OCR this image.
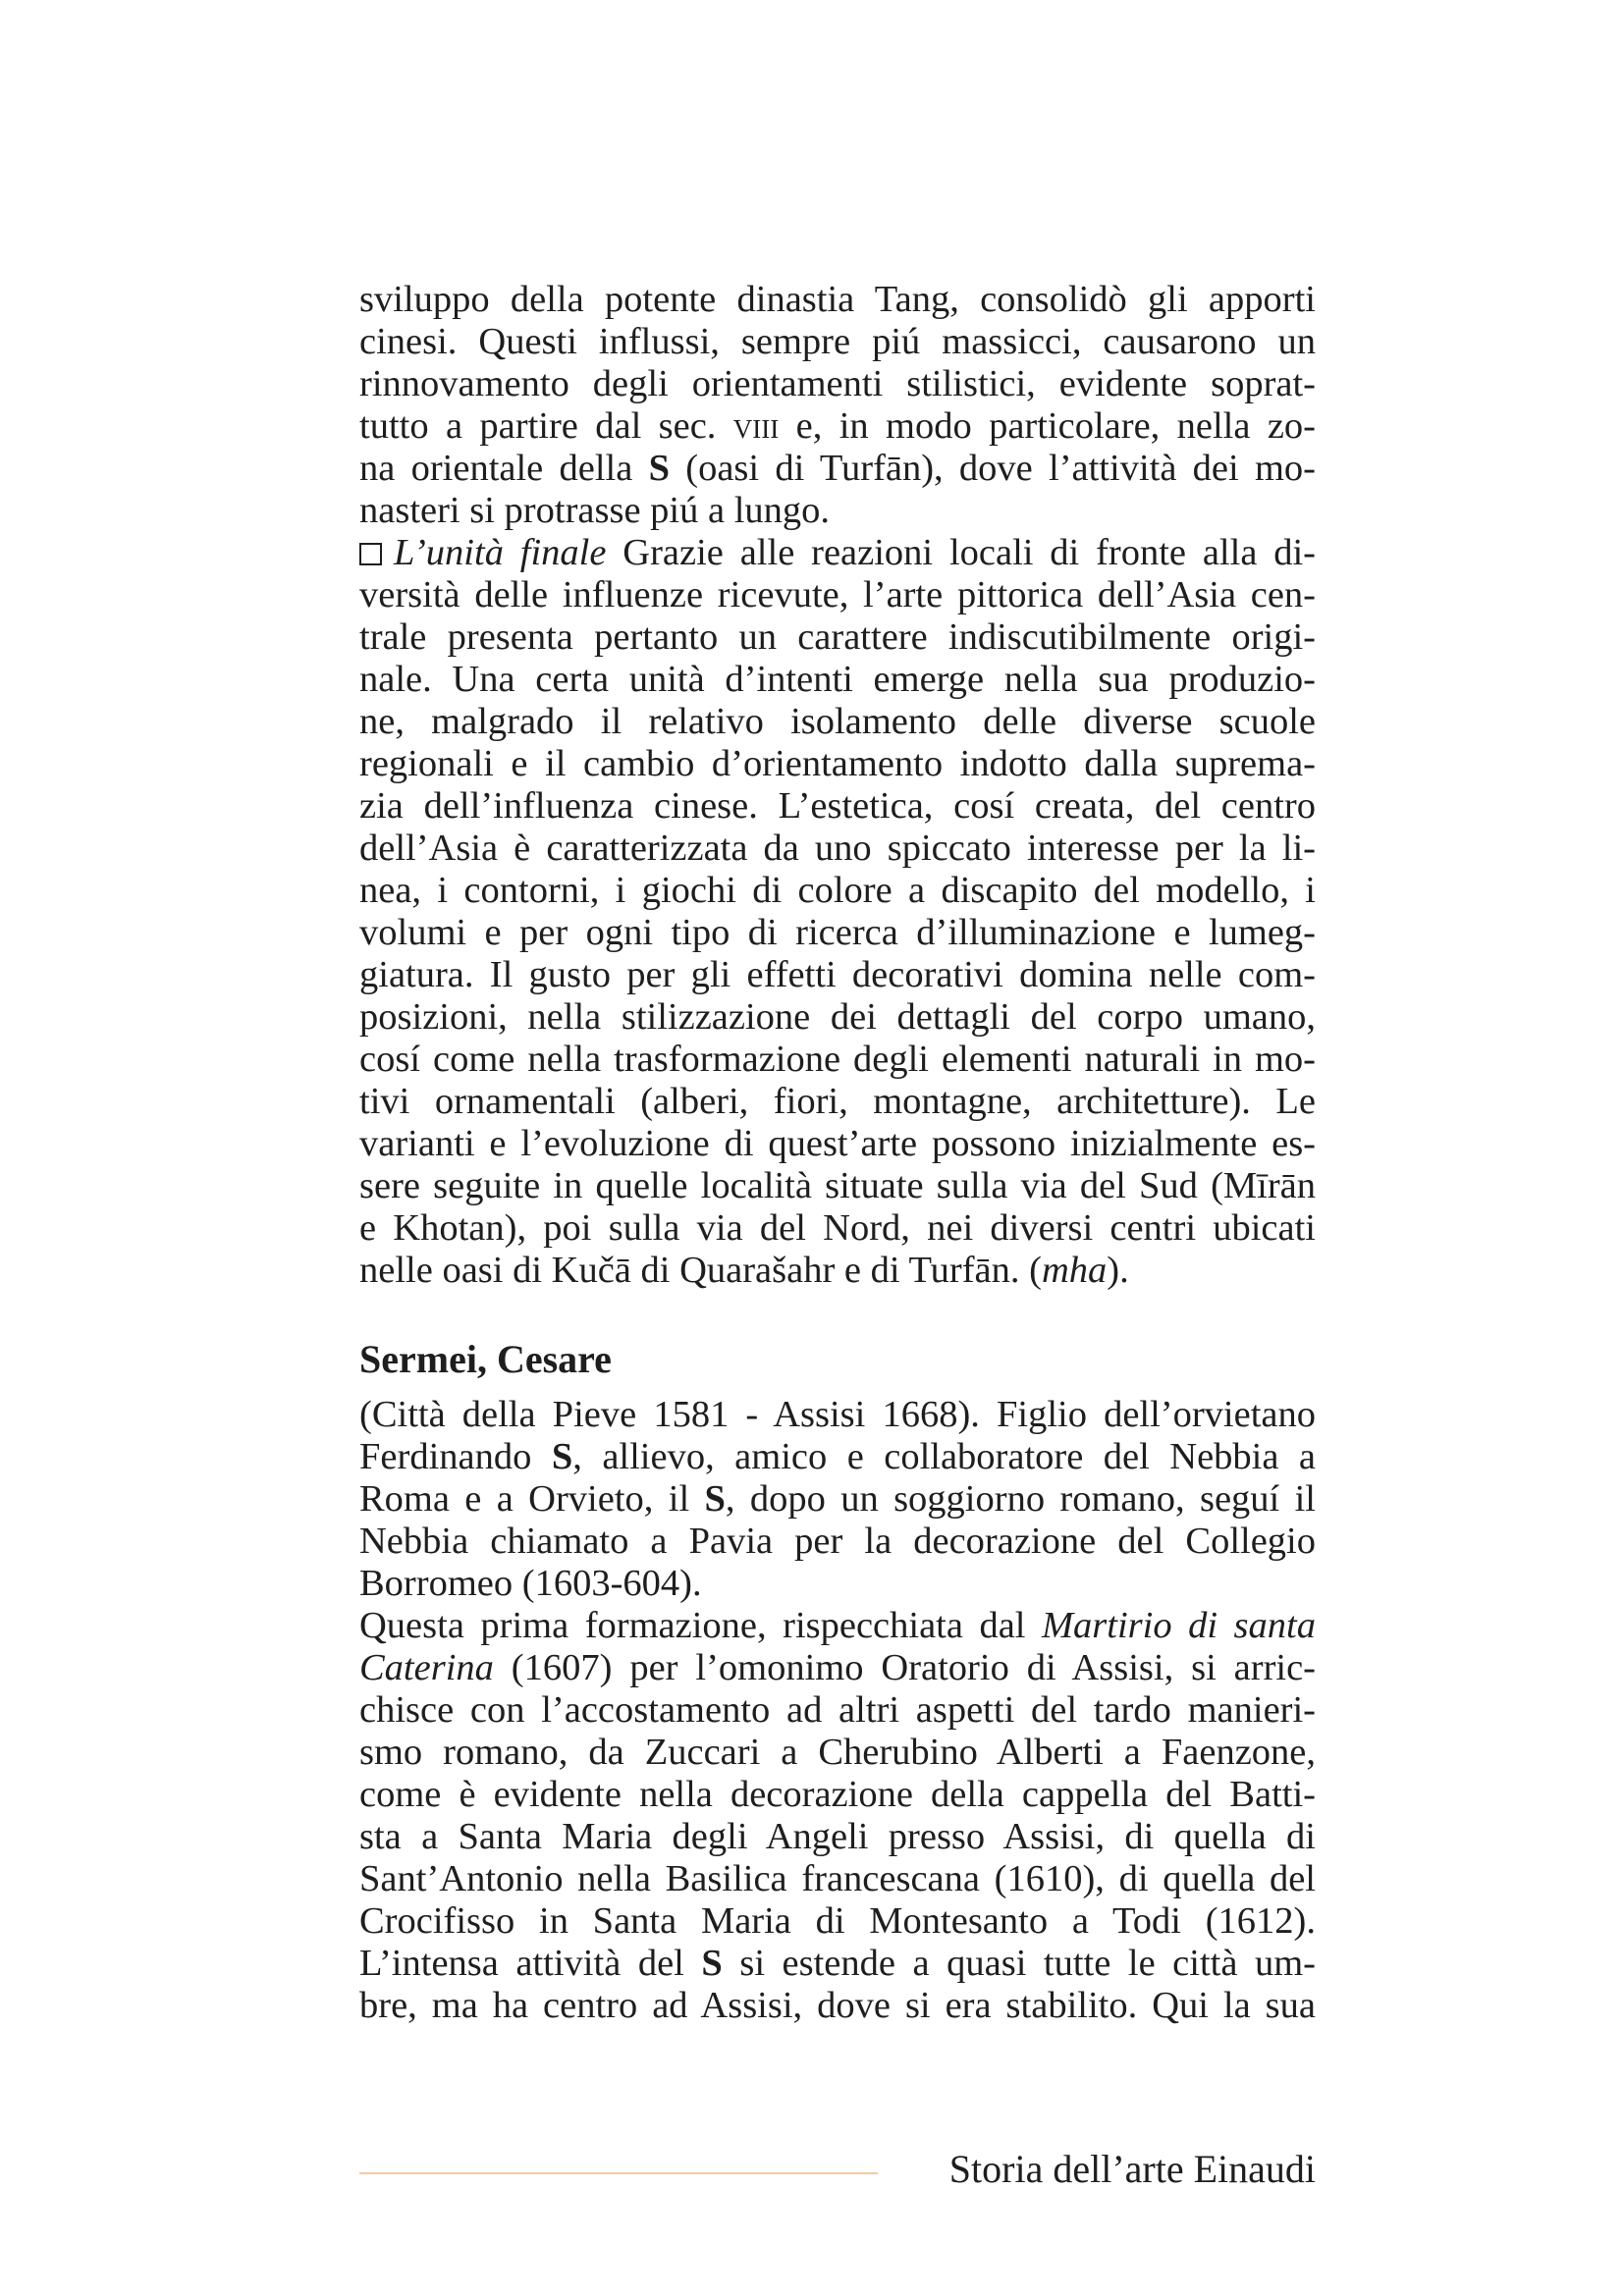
sviluppo della potente dinastia Tang, consolidò gli apporti
cinesi. Questi influssi, sempre piú massicci, causarono un
rinnovamento degli orientamenti stilistici, evidente soprat-
tutto a partire dal sec. viii e, in modo particolare, nella zo-
na orientale della S (oasi di Turfān), dove l’attività dei mo-
nasteri si protrasse piú a lungo.
L’unità finale Grazie alle reazioni locali di fronte alla di-
versità delle influenze ricevute, l’arte pittorica dell’Asia cen-
trale presenta pertanto un carattere indiscutibilmente origi-
nale. Una certa unità d’intenti emerge nella sua produzio-
ne, malgrado il relativo isolamento delle diverse scuole
regionali e il cambio d’orientamento indotto dalla suprema-
zia dell’influenza cinese. L’estetica, cosí creata, del centro
dell’Asia è caratterizzata da uno spiccato interesse per la li-
nea, i contorni, i giochi di colore a discapito del modello, i
volumi e per ogni tipo di ricerca d’illuminazione e lumeg-
giatura. Il gusto per gli effetti decorativi domina nelle com-
posizioni, nella stilizzazione dei dettagli del corpo umano,
cosí come nella trasformazione degli elementi naturali in mo-
tivi ornamentali (alberi, fiori, montagne, architetture). Le
varianti e l’evoluzione di quest’arte possono inizialmente es-
sere seguite in quelle località situate sulla via del Sud (Mīrān
e Khotan), poi sulla via del Nord, nei diversi centri ubicati
nelle oasi di Kučā di Quarašahr e di Turfān. (mha).
Sermei, Cesare
(Città della Pieve 1581 - Assisi 1668). Figlio dell’orvietano
Ferdinando S, allievo, amico e collaboratore del Nebbia a
Roma e a Orvieto, il S, dopo un soggiorno romano, seguí il
Nebbia chiamato a Pavia per la decorazione del Collegio
Borromeo (1603-604).
Questa prima formazione, rispecchiata dal Martirio di santa
Caterina (1607) per l’omonimo Oratorio di Assisi, si arric-
chisce con l’accostamento ad altri aspetti del tardo manieri-
smo romano, da Zuccari a Cherubino Alberti a Faenzone,
come è evidente nella decorazione della cappella del Batti-
sta a Santa Maria degli Angeli presso Assisi, di quella di
Sant’Antonio nella Basilica francescana (1610), di quella del
Crocifisso in Santa Maria di Montesanto a Todi (1612).
L’intensa attività del S si estende a quasi tutte le città um-
bre, ma ha centro ad Assisi, dove si era stabilito. Qui la sua
Storia dell’arte Einaudi
